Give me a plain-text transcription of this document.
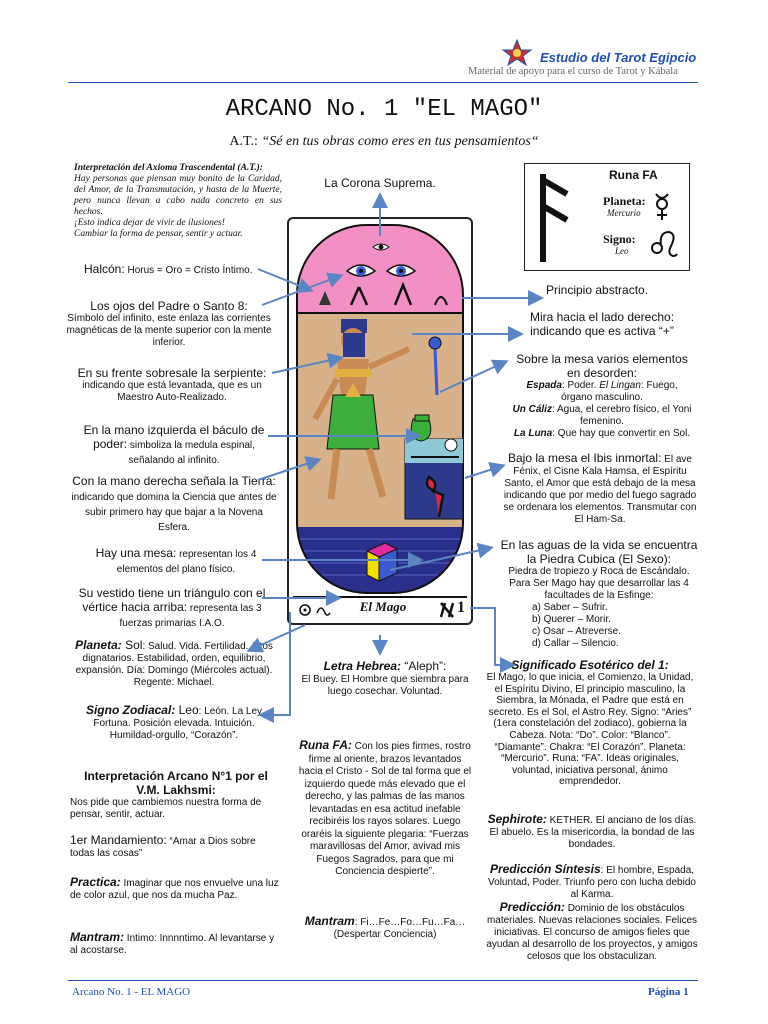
Estudio del Tarot Egipcio
Material de apoyo para el curso de Tarot y Kábala
ARCANO No. 1 "EL MAGO"
A.T.: “Sé en tus obras como eres en tus pensamientos“
Interpretación del Axioma Trascendental (A.T.):
Hay personas que piensan muy bonito de la Caridad, del Amor, de la Transmutación, y hasta de la Muerte, pero nunca llevan a cabo nada concreto en sus hechos.
¡Esto indica dejar de vivir de ilusiones!
Cambiar la forma de pensar, sentir y actuar.
Halcón: Horus = Oro = Cristo Íntimo.
Los ojos del Padre o Santo 8:
Símbolo del infinito, este enlaza las corrientes magnéticas de la mente superior con la mente inferior.
En su frente sobresale la serpiente:
indicando que está levantada, que es un Maestro Auto-Realizado.
En la mano izquierda el báculo de poder: simboliza la medula espinal, señalando al infinito.
Con la mano derecha señala la Tierra: indicando que domina la Ciencia que antes de subir primero hay que bajar a la Novena Esfera.
Hay una mesa: representan los 4 elementos del plano físico.
Su vestido tiene un triángulo con el vértice hacia arriba: representa las 3 fuerzas primarias I.A.O.
Planeta: Sol: Salud. Vida. Fertilidad. Altos dignatarios. Estabilidad, orden, equilibrio, expansión. Día: Domingo (Miércoles actual). Regente: Michael.
Signo Zodiacal: Leo: León. La Ley Fortuna. Posición elevada. Intuición. Humildad-orgullo, “Corazón”.
Interpretación Arcano N°1 por el V.M. Lakhsmi:
Nos pide que cambiemos nuestra forma de pensar, sentir, actuar.
1er Mandamiento: “Amar a Dios sobre todas las cosas”
Practica: Imaginar que nos envuelve una luz de color azul, que nos da mucha Paz.
Mantram: Intimo: Innnntimo. Al levantarse y al acostarse.
La Corona Suprema.
El Mago	1
Letra Hebrea: “Aleph”:
El Buey. El Hombre que siembra para luego cosechar. Voluntad.
Runa FA: Con los pies firmes, rostro firme al oriente, brazos levantados hacia el Cristo - Sol de tal forma que el izquierdo quede más elevado que el derecho, y las palmas de las manos levantadas en esa actitud inefable recibiréis los rayos solares. Luego oraréis la siguiente plegaria: “Fuerzas maravillosas del Amor, avivad mis Fuegos Sagrados, para que mi Conciencia despierte”.
Mantram: Fi…Fe…Fo…Fu…Fa…
(Despertar Conciencia)
Runa FA
Planeta:
Mercurio
Signo:
Leo
Principio abstracto.
Mira hacia el lado derecho: indicando que es activa “+”
Sobre la mesa varios elementos en desorden:
Espada: Poder. El Lingan: Fuego, órgano masculino.
Un Cáliz: Agua, el cerebro físico, el Yoni femenino.
La Luna: Que hay que convertir en Sol.
Bajo la mesa el Ibis inmortal: El ave Fénix, el Cisne Kala Hamsa, el Espíritu Santo, el Amor que está debajo de la mesa indicando que por medio del fuego sagrado se ordenara los elementos. Transmutar con El Ham-Sa.
En las aguas de la vida se encuentra la Piedra Cubica (El Sexo):
Piedra de tropiezo y Roca de Escándalo. Para Ser Mago hay que desarrollar las 4 facultades de la Esfinge:
a) Saber – Sufrir.
b) Querer – Morir.
c) Osar – Atreverse.
d) Callar – Silencio.
Significado Esotérico del 1:
El Mago, lo que inicia, el Comienzo, la Unidad, el Espíritu Divino, El principio masculino, la Siembra, la Mónada, el Padre que está en secreto. Es el Sol, el Astro Rey. Signo: “Aries” (1era constelación del zodiaco), gobierna la Cabeza. Nota: “Do”. Color: “Blanco”. “Diamante”. Chakra: “El Corazón”. Planeta: “Mercurio”. Runa: “FA”. Ideas originales, voluntad, iniciativa personal, ánimo emprendedor.
Sephirote: KETHER. El anciano de los días. El abuelo. Es la misericordia, la bondad de las bondades.
Predicción Síntesis: El hombre, Espada, Voluntad, Poder. Triunfo pero con lucha debido al Karma.
Predicción: Dominio de los obstáculos materiales. Nuevas relaciones sociales. Felices iniciativas. El concurso de amigos fieles que ayudan al desarrollo de los proyectos, y amigos celosos que los obstaculizan.
Arcano No. 1 - EL MAGO	Página 1
